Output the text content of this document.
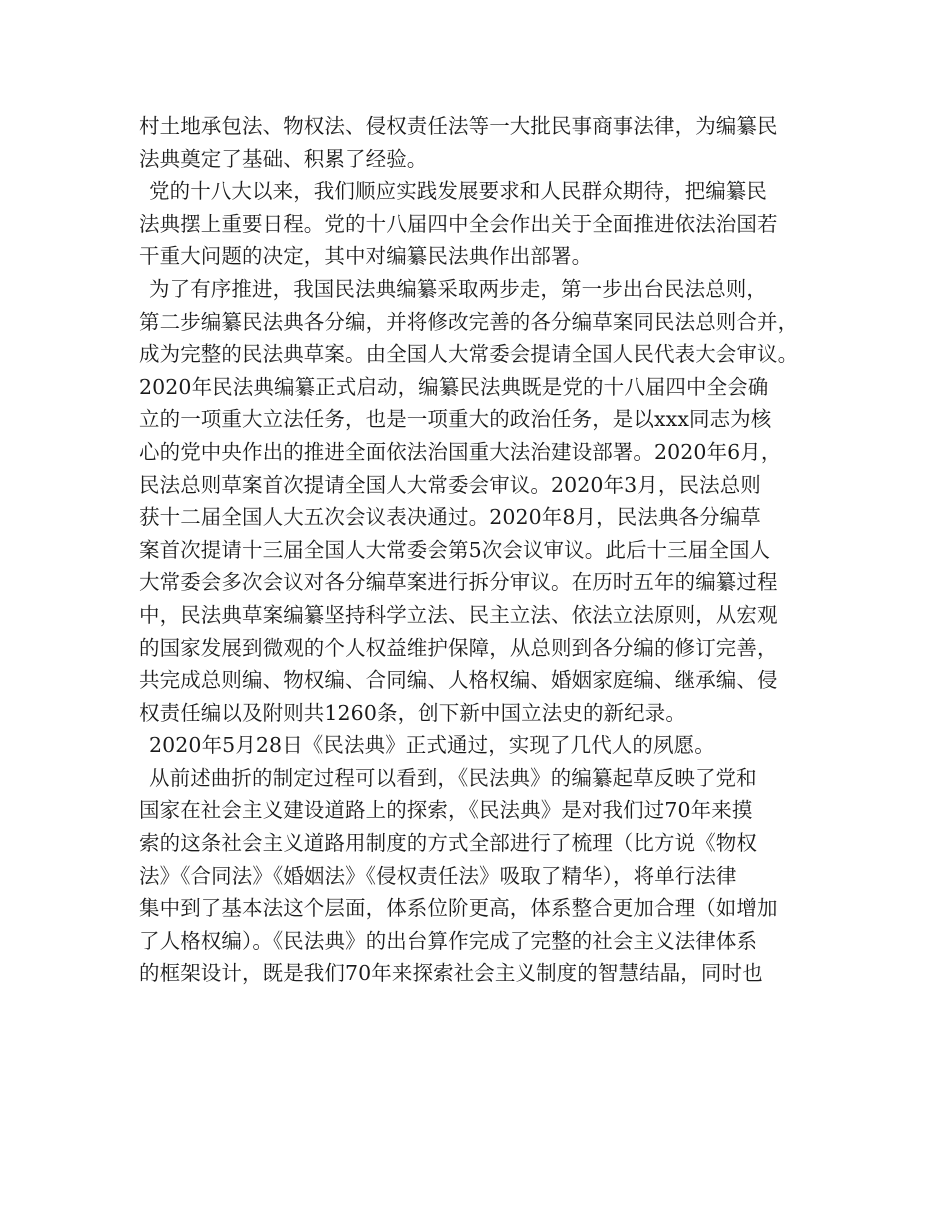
村土地承包法、物权法、侵权责任法等一大批民事商事法律，为编纂民
法典奠定了基础、积累了经验。
党的十八大以来，我们顺应实践发展要求和人民群众期待，把编纂民
法典摆上重要日程。党的十八届四中全会作出关于全面推进依法治国若
干重大问题的决定，其中对编纂民法典作出部署。
为了有序推进，我国民法典编纂采取两步走，第一步出台民法总则，
第二步编纂民法典各分编，并将修改完善的各分编草案同民法总则合并，
成为完整的民法典草案。由全国人大常委会提请全国人民代表大会审议。
2020年民法典编纂正式启动，编纂民法典既是党的十八届四中全会确
立的一项重大立法任务，也是一项重大的政治任务，是以xxx同志为核
心的党中央作出的推进全面依法治国重大法治建设部署。2020年6月，
民法总则草案首次提请全国人大常委会审议。2020年3月，民法总则
获十二届全国人大五次会议表决通过。2020年8月，民法典各分编草
案首次提请十三届全国人大常委会第5次会议审议。此后十三届全国人
大常委会多次会议对各分编草案进行拆分审议。在历时五年的编纂过程
中，民法典草案编纂坚持科学立法、民主立法、依法立法原则，从宏观
的国家发展到微观的个人权益维护保障，从总则到各分编的修订完善，
共完成总则编、物权编、合同编、人格权编、婚姻家庭编、继承编、侵
权责任编以及附则共1260条，创下新中国立法史的新纪录。
2020年5月28日《民法典》正式通过，实现了几代人的夙愿。
从前述曲折的制定过程可以看到，《民法典》的编纂起草反映了党和
国家在社会主义建设道路上的探索，《民法典》是对我们过70年来摸
索的这条社会主义道路用制度的方式全部进行了梳理（比方说《物权
法》《合同法》《婚姻法》《侵权责任法》吸取了精华），将单行法律
集中到了基本法这个层面，体系位阶更高，体系整合更加合理（如增加
了人格权编）。《民法典》的出台算作完成了完整的社会主义法律体系
的框架设计，既是我们70年来探索社会主义制度的智慧结晶，同时也
